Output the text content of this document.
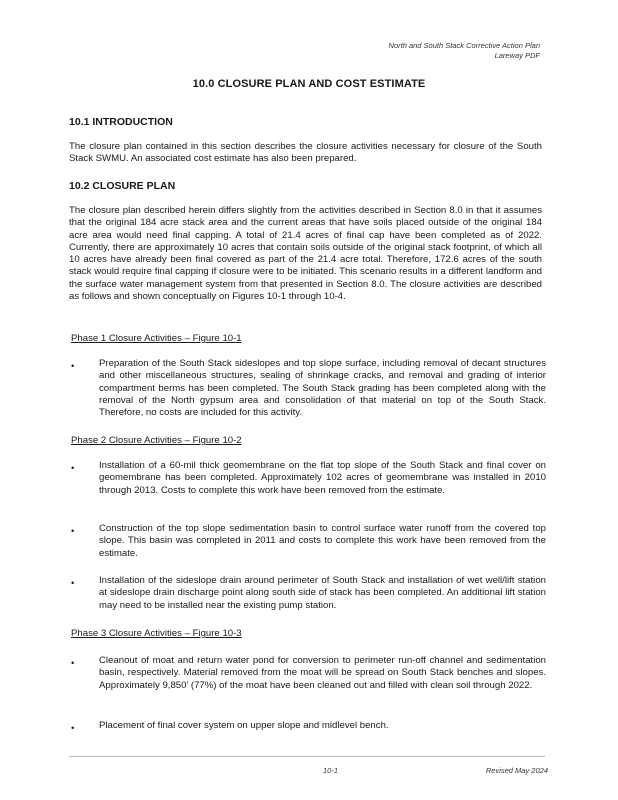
North and South Stack Corrective Action Plan
Lareway PDF
10.0 CLOSURE PLAN AND COST ESTIMATE
10.1 INTRODUCTION
The closure plan contained in this section describes the closure activities necessary for closure of the South Stack SWMU. An associated cost estimate has also been prepared.
10.2 CLOSURE PLAN
The closure plan described herein differs slightly from the activities described in Section 8.0 in that it assumes that the original 184 acre stack area and the current areas that have soils placed outside of the original 184 acre area would need final capping. A total of 21.4 acres of final cap have been completed as of 2022. Currently, there are approximately 10 acres that contain soils outside of the original stack footprint, of which all 10 acres have already been final covered as part of the 21.4 acre total. Therefore, 172.6 acres of the south stack would require final capping if closure were to be initiated. This scenario results in a different landform and the surface water management system from that presented in Section 8.0. The closure activities are described as follows and shown conceptually on Figures 10-1 through 10-4.
Phase 1 Closure Activities – Figure 10-1
•	Preparation of the South Stack sideslopes and top slope surface, including removal of decant structures and other miscellaneous structures, sealing of shrinkage cracks, and removal and grading of interior compartment berms has been completed. The South Stack grading has been completed along with the removal of the North gypsum area and consolidation of that material on top of the South Stack. Therefore, no costs are included for this activity.
Phase 2 Closure Activities – Figure 10-2
•	Installation of a 60-mil thick geomembrane on the flat top slope of the South Stack and final cover on geomembrane has been completed. Approximately 102 acres of geomembrane was installed in 2010 through 2013. Costs to complete this work have been removed from the estimate.
•	Construction of the top slope sedimentation basin to control surface water runoff from the covered top slope. This basin was completed in 2011 and costs to complete this work have been removed from the estimate.
•	Installation of the sideslope drain around perimeter of South Stack and installation of wet well/lift station at sideslope drain discharge point along south side of stack has been completed. An additional lift station may need to be installed near the existing pump station.
Phase 3 Closure Activities – Figure 10-3
•	Cleanout of moat and return water pond for conversion to perimeter run-off channel and sedimentation basin, respectively. Material removed from the moat will be spread on South Stack benches and slopes. Approximately 9,850’ (77%) of the moat have been cleaned out and filled with clean soil through 2022.
•	Placement of final cover system on upper slope and midlevel bench.
10-1	Revised May 2024
